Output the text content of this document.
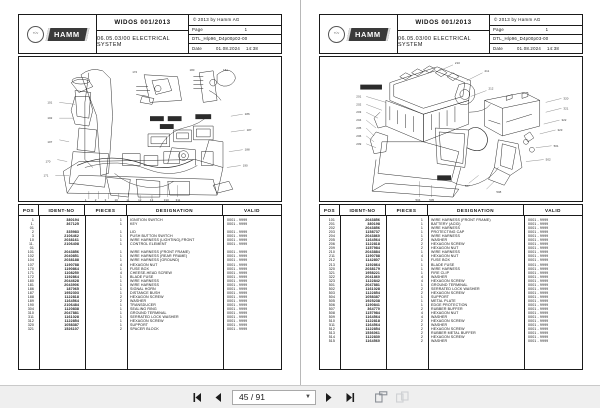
TÜV	HAMM
WIDOS 001/2013
06.05.03/00 ELECTRICAL SYSTEM
© 2013 by Hamm AG
Page	1
DTL_Hlp96_D4p00p02-00
Date	01.08.2024	14:38
101
102
107
170
171
186
187
188
190
1	2	3	10	11	12	13	310 311
172	180	181
POS	IDENT-NO	PIECES	DESIGNATION	VALID
1	380194	1	IGNITION SWITCH	0001 - 9999
1.	367125	1	KEY	0001 - 9999
01
2	335983	1	LID	0001 - 9999
3	2106462	1	PUSH BUTTON SWITCH	0001 - 9999
10	2038161	1	WIRE HARNESS (LIGHTING),FRONT	0001 - 9999
11.	2106408	1	CONTROL ELEMENT	0001 - 9999
01
101	2043856	1	WIRE HARNESS (FRONT FRAME)	0001 - 9999
102	2040851	1	WIRE HARNESS (REAR FRAME)	0001 - 9999
104	2038188	1	WIRE HARNESS (GROUND)	0001 - 9999
107	1190788	4	HEXAGON NUT	0001 - 9999
170	1190864	1	FUSE BOX	0001 - 9999
171	1108250	4	CHEESE-HEAD SCREW	0001 - 9999
172	1192864	1	BLADE FUSE	0001 - 9999
180	2044628	1	WIRE HARNESS	0001 - 9999
181	2043906	1	WIRE HARNESS	0001 - 9999
186	187065	1	SIGNAL HORN	0001 - 9999
187	1952303	1	DISTANCE BUSH	0001 - 9999
188	1122818	2	HEXAGON SCREW	0001 - 9999
189	1164564	2	WASHER	0001 - 9999
190	2106484	1	TRANSDUCER	0001 - 9999
304	1120838	1	SEALING RING	0001 - 9999
310	2047881	1	GROUND TERMINAL	0001 - 9999
311	1161028	1	SERRATED LOCK WASHER	0001 - 9999
312	1122854	1	HEXAGON SCREW	0001 - 9999
320	1058387	1	SUPPORT	0001 - 9999
321	1526107	2	SPACER BLOCK	0001 - 9999
TÜV	HAMM
WIDOS 001/2013
06.05.03/00 ELECTRICAL SYSTEM
© 2013 by Hamm AG
Page	1
DTL_Hlp96_D4p00p03-00
Date	01.08.2024	14:38
201
202
203
204
205
206
209
320
321
322
323
501
502
210
211
212
504	505
507
508
POS	IDENT-NO	PIECES	DESIGNATION	VALID
101	2043856	1	WIRE HARNESS (FRONT FRAME)	0001 - 9999
201	380198	1	BATTERY (ACID)	0001 - 9999
202	2043856	1	WIRE HARNESS	0001 - 9999
203	1158737	1	PROTECTING CAP	0001 - 9999
204	2043860	1	WIRE HARNESS	0001 - 9999
205	1164564	2	WASHER	0001 - 9999
206	1122818	2	HEXAGON SCREW	0001 - 9999
209	1157984	2	HEXAGON NUT	0001 - 9999
210	2043884	1	WIRE HARNESS	0001 - 9999
211	1190788	4	HEXAGON NUT	0001 - 9999
212	1142807	1	FUSE BOX	0001 - 9999
213	1192864	1	BLADE FUSE	0001 - 9999
320	2038179	1	WIRE HARNESS	0001 - 9999
321	1958221	1	FIRE CLIP	0001 - 9999
322	2041860	4	WASHER	0001 - 9999
323	1122842	4	HEXAGON SCREW	0001 - 9999
501	2047881	1	GROUND TERMINAL	0001 - 9999
502	1161028	2	SERRATED LOCK WASHER	0001 - 9999
503	1122854	2	HEXAGON SCREW	0001 - 9999
504	1058387	1	SUPPORT	0001 - 9999
505	1925238	1	METAL PLATE	0001 - 9999
506	1190841	1	EDGE PROTECTION	0001 - 9999
507	364770	2	RUBBER BUFFER	0001 - 9999
508	1157984	4	HEXAGON NUT	0001 - 9999
509	1164564	4	WASHER	0001 - 9999
510	1122818	2	HEXAGON SCREW	0001 - 9999
511	1164564	2	WASHER	0001 - 9999
512	1122854	2	HEXAGON SCREW	0001 - 9999
513	1536061	2	RUBBER METAL BUFFER	0001 - 9999
514	1122830	2	HEXAGON SCREW	0001 - 9999
515	1164560	2	WASHER	0001 - 9999
45 / 91	▼
